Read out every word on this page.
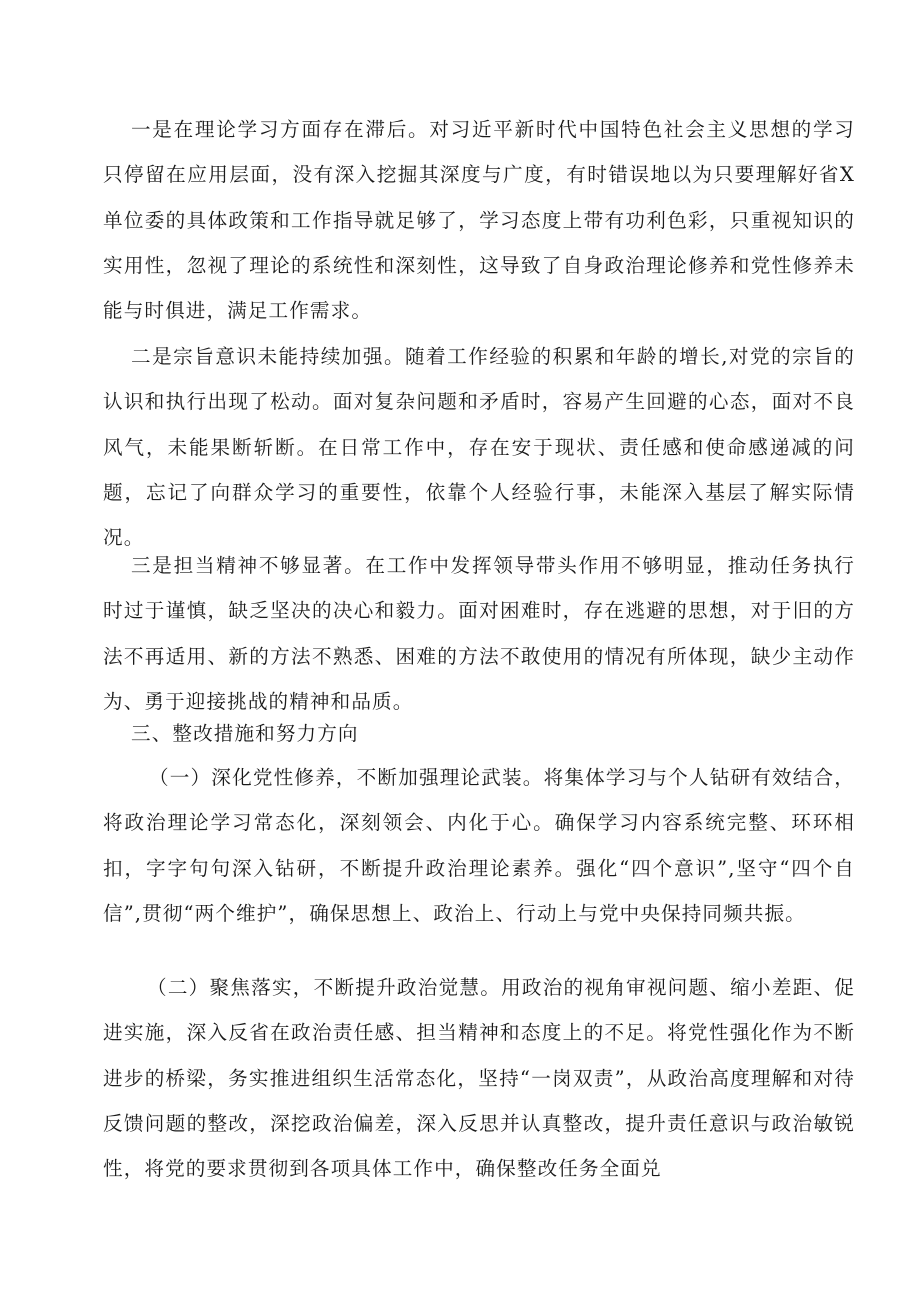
一是在理论学习方面存在滞后。对习近平新时代中国特色社会主义思想的学习只停留在应用层面，没有深入挖掘其深度与广度，有时错误地以为只要理解好省X单位委的具体政策和工作指导就足够了，学习态度上带有功利色彩，只重视知识的实用性，忽视了理论的系统性和深刻性，这导致了自身政治理论修养和党性修养未能与时俱进，满足工作需求。

二是宗旨意识未能持续加强。随着工作经验的积累和年龄的增长,对党的宗旨的认识和执行出现了松动。面对复杂问题和矛盾时，容易产生回避的心态，面对不良风气，未能果断斩断。在日常工作中，存在安于现状、责任感和使命感递减的问题，忘记了向群众学习的重要性，依靠个人经验行事，未能深入基层了解实际情况。

三是担当精神不够显著。在工作中发挥领导带头作用不够明显，推动任务执行时过于谨慎，缺乏坚决的决心和毅力。面对困难时，存在逃避的思想，对于旧的方法不再适用、新的方法不熟悉、困难的方法不敢使用的情况有所体现，缺少主动作为、勇于迎接挑战的精神和品质。

三、整改措施和努力方向

（一）深化党性修养，不断加强理论武装。将集体学习与个人钻研有效结合，将政治理论学习常态化，深刻领会、内化于心。确保学习内容系统完整、环环相扣，字字句句深入钻研，不断提升政治理论素养。强化“四个意识”,坚守“四个自信”,贯彻“两个维护”，确保思想上、政治上、行动上与党中央保持同频共振。

（二）聚焦落实，不断提升政治觉慧。用政治的视角审视问题、缩小差距、促进实施，深入反省在政治责任感、担当精神和态度上的不足。将党性强化作为不断进步的桥梁，务实推进组织生活常态化，坚持“一岗双责”，从政治高度理解和对待反馈问题的整改，深挖政治偏差，深入反思并认真整改，提升责任意识与政治敏锐性，将党的要求贯彻到各项具体工作中，确保整改任务全面兑
